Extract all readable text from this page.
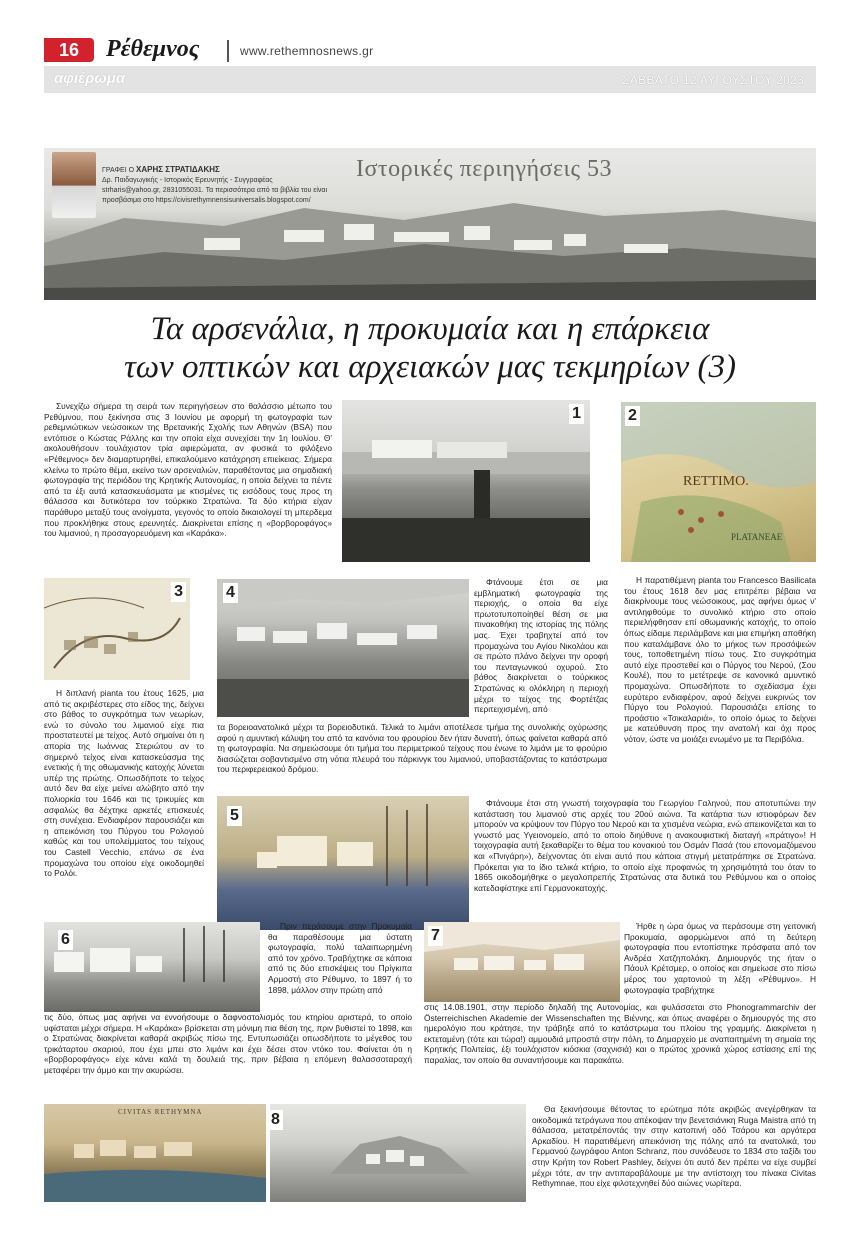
16	Ρέθεμνος	www.rethemnosnews.gr
αφιέρωμα	ΣΑΒΒΑΤΟ 12 ΑΥΓΟΥΣΤΟΥ 2023
Ιστορικές περιηγήσεις 53
ΓΡΑΦΕΙ Ο ΧΑΡΗΣ ΣΤΡΑΤΙΔΑΚΗΣ
Δρ. Παιδαγωγικής - Ιστορικός Ερευνητής - Συγγραφέας
strharis@yahoo.gr, 2831055031. Τα περισσότερα από τα βιβλία του είναι
προσβάσιμα στο https://civisrethymnensisuniversalis.blogspot.com/
Τα αρσενάλια, η προκυμαία και η επάρκεια
των οπτικών και αρχειακών μας τεκμηρίων (3)

Συνεχίζω σήμερα τη σειρά των περιηγήσεων στο θαλάσσιο μέτωπο του Ρεθύμνου, που ξεκίνησα στις 3 Ιουνίου με αφορμή τη φωτογραφία των ρεθεμνιώτικων νεώσοικων της Βρετανικής Σχολής των Αθηνών (BSA) που εντόπισε ο Κώστας Ράλλης και την οποία είχα συνεχίσει την 1η Ιουλίου. Θ' ακολουθήσουν τουλάχιστον τρία αφιερώματα, αν φυσικά το φιλόξενο «Ρέθεμνος» δεν διαμαρτυρηθεί, επικαλούμενο κατάχρηση επιείκειας. Σήμερα κλείνω το πρώτο θέμα, εκείνο των αρσεναλιών, παραθέτοντας μια σημαδιακή φωτογραφία της περιόδου της Κρητικής Αυτονομίας, η οποία δείχνει τα πέντε από τα έξι αυτά κατασκευάσματα με κτισμένες τις εισόδους τους προς τη θάλασσα και δυτικότερα τον τούρκικο Στρατώνα. Τα δύο κτήρια είχαν παράθυρο μεταξύ τους ανοίγματα, γεγονός το οποίο δικαιολογεί τη μπερδεμα που προκλήθηκε στους ερευνητές. Διακρίνεται επίσης η «βορβοροφάγος» του λιμανιού, η προσαγορευόμενη και «Καράκα».

1
RETTIMO.
PLATANEAE
2
3

Η διπλανή pianta του έτους 1625, μια από τις ακριβέστερες στο είδος της, δείχνει στο βάθος το συγκρότημα των νεωρίων, ενώ το σύνολο του λιμανιού είχε πια προστατευτεί με τείχος. Αυτό σημαίνει ότι η απορία της Ιωάννας Στεριώτου αν το σημερινό τείχος είναι κατασκεύασμα της ενετικής ή της οθωμανικής κατοχής λύνεται υπέρ της πρώτης. Οπωσδήποτε το τείχος αυτό δεν θα είχε μείνει αλώβητο από την πολιορκία του 1646 και τις τρικυμίες και ασφαλώς θα δέχτηκε αρκετές επισκευές στη συνέχεια. Ενδιαφέρον παρουσιάζει και η απεικόνιση του Πύργου του Ρολογιού καθώς και του υπολείμματος του τείχους του Castell Vecchio, επάνω σε ένα προμαχώνα του οποίου είχε οικοδομηθεί το Ρολόι.

4

Φτάνουμε έτσι σε μια εμβληματική φωτογραφία της περιοχής, ο οποία θα είχε πρωτοτυποποίηθεί θέση σε μια πινακοθήκη της ιστορίας της πόλης μας. Έχει τραβηχτεί από τον προμαχώνα του Αγίου Νικολάου και σε πρώτο πλάνο δείχνει την οροφή του πενταγωνικού οχυρού. Στο βάθος διακρίνεται ο τούρκικος Στρατώνας κι ολόκληρη η περιοχή μέχρι το τείχος της Φορτέτζας περιτειχισμένη, από

τα βορειοανατολικά μέχρι τα βορειοδυτικά. Τελικά το λιμάνι αποτέλεσε τμήμα της συνολικής οχύρωσης αφού η αμυντική κάλυψη του από τα κανόνια του φρουρίου δεν ήταν δυνατή, όπως φαίνεται καθαρά από τη φωτογραφία. Να σημειώσουμε ότι τμήμα του περιμετρικού τείχους που ένωνε το λιμάνι με το φρούριο διασώζεται σοβαντισμένο στη νότια πλευρά του πάρκινγκ του λιμανιού, υποβαστάζοντας το κατάστρωμα του περιφερειακού δρόμου.

Η παρατιθέμενη pianta του Francesco Basilicata του έτους 1618 δεν μας επιτρέπει βέβαια να διακρίνουμε τους νεώσοικους, μας αφήνει όμως ν' αντιληφθούμε το συνολικό κτήριο στο οποίο περιελήφθησαν επί οθωμανικής κατοχής, το οποίο όπως είδαμε περιλάμβανε και μια επιμήκη αποθήκη που καταλάμβανε όλο το μήκος των προσόψεών τους, τοποθετημένη πίσω τους. Στο συγκρότημα αυτό είχε προστεθεί και ο Πύργος του Νερού, (Σου Κουλέ), που το μετέτρεψε σε κανονικό αμυντικό προμαχώνα. Οπωσδήποτε το σχεδίασμα έχει ευρύτερο ενδιαφέρον, αφού δείχνει ευκρινώς τον Πύργο του Ρολογιού. Παρουσιάζει επίσης το προάστιο «Τσικαλαριά», το οποίο όμως το δείχνει με κατεύθυνση προς την ανατολή και όχι προς νότον, ώστε να μοιάζει ενωμένο με τα Περιβόλια.

5

Φτάνουμε έτσι στη γνωστή τοιχογραφία του Γεωργίου Γαληνού, που αποτυπώνει την κατάσταση του λιμανιού στις αρχές του 20ού αιώνα. Τα κατάρτια των ιστιοφόρων δεν μπορούν να κρύψουν τον Πύργο του Νερού και τα χτισμένα νεώρια, ενώ απεικονίζεται και το γνωστό μας Υγειονομείο, από το οποίο διηύθυνε η ανακουφιστική διαταγή «πράτιγο»! Η τοιχογραφία αυτή ξεκαθαρίζει το θέμα του κονακιού του Οσμάν Πασά (του επονομαζόμενου και «Πνιγάρη»), δείχνοντας ότι είναι αυτό που κάποια στιγμή μετατράπηκε σε Στρατώνα. Πρόκειται για το ίδιο τελικά κτήριο, το οποίο είχε προφανώς τη χρησιμότητά του όταν το 1865 οικοδομήθηκε ο μεγαλοπρεπής Στρατώνας στα δυτικά του Ρεθύμνου και ο οποίος κατεδαφίστηκε επί Γερμανοκατοχής.

6

Πριν περάσουμε στην Προκυμαία θα παραθέσουμε μια ύστατη φωτογραφία, πολύ ταλαιπωρημένη από τον χρόνο. Τραβήχτηκε σε κάποια από τις δύο επισκέψεις του Πρίγκιπα Αρμοστή στο Ρέθυμνο, το 1897 ή το 1898, μάλλον στην πρώτη από

τις δύο, όπως μας αφήνει να εννοήσουμε ο δαφνοστολισμός του κτηρίου αριστερά, το οποίο υφίσταται μέχρι σήμερα. Η «Καράκα» βρίσκεται στη μόνιμη πια θέση της, πριν βυθιστεί το 1898, και ο Στρατώνας διακρίνεται καθαρά ακριβώς πίσω της. Εντυπωσιάζει οπωσδήποτε το μέγεθος του τρικάταρτου σκαριού, που έχει μπει στο λιμάνι και έχει δέσει στον ντόκο του. Φαίνεται ότι η «βορβοροφάγος» είχε κάνει καλά τη δουλειά της, πριν βέβαια η επόμενη θαλασσοταραχή μεταφέρει την άμμο και την ακυρώσει.

7

Ήρθε η ώρα όμως να περάσουμε στη γειτονική Προκυμαία, αφορμώμενοι από τη δεύτερη φωτογραφία που εντοπίστηκε πρόσφατα από τον Ανδρέα Χατζηπολάκη. Δημιουργός της ήταν ο Πάουλ Κρέτσμερ, ο οποίος και σημείωσε στο πίσω μέρος του χαρτονιού τη λέξη «Ρέθυμνο». Η φωτογραφία τραβήχτηκε

στις 14.08.1901, στην περίοδο δηλαδή της Αυτονομίας, και φυλάσσεται στο Phonogrammarchiv der Österreichischen Akademie der Wissenschaften της Βιέννης, και όπως αναφέρει ο δημιουργός της στο ημερολόγιο που κράτησε, την τράβηξε από το κατάστρωμα του πλοίου της γραμμής. Διακρίνεται η εκτεταμένη (τότε και τώρα!) αμμουδιά μπροστά στην πόλη, το Δημαρχείο με αναπαιτημένη τη σημαία της Κρητικής Πολιτείας, έξι τουλάχιστον κιόσκια (σαχνισιά) και ο πρώτος χρονικά χώρος εστίασης επί της παραλίας, τον οποίο θα συναντήσουμε και παρακάτω.

CIVITAS RETHYMNA	8

Θα ξεκινήσουμε θέτοντας το ερώτημα πότε ακριβώς ανεγέρθηκαν τα οικοδομικά τετράγωνα που απέκοψαν την βενετσιάνικη Ruga Maistra από τη θάλασσα, μετατρέποντάς την στην κατοπινή οδό Τσάρου και αργότερα Αρκαδίου. Η παρατιθέμενη απεικόνιση της πόλης από τα ανατολικά, του Γερμανού ζωγράφου Anton Schranz, που συνόδευσε το 1834 στο ταξίδι του στην Κρήτη τον Robert Pashley, δείχνει ότι αυτό δεν πρέπει να είχε συμβεί μέχρι τότε, αν την αντιπαραβάλουμε με την αντίστοιχη του πίνακα Civitas Rethymnae, που είχε φιλοτεχνηθεί δύο αιώνες νωρίτερα.
